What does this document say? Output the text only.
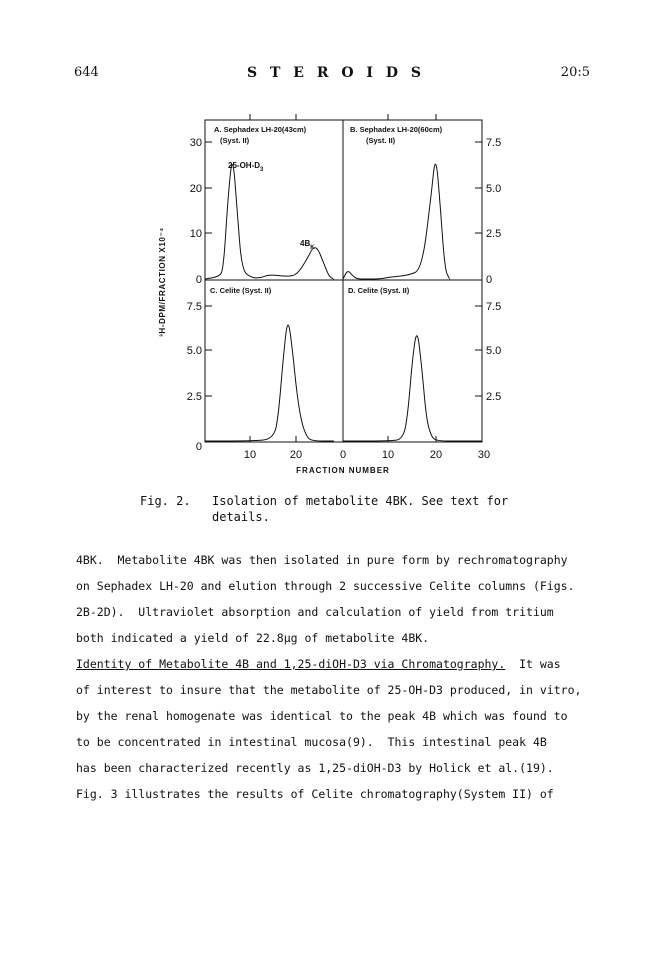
644	S T E R O I D S	20:5
30
20
10
0
7.5
5.0
2.5
0
7.5
5.0
2.5
0
7.5
5.0
2.5
10	20	0	10	20	30
FRACTION NUMBER
³H-DPM/FRACTION X10⁻⁴
A. Sephadex LH-20(43cm)
(Syst. II)
B. Sephadex LH-20(60cm)
(Syst. II)
C. Celite (Syst. II)	D. Celite (Syst. II)
$25-OH-D_3$
$4B_K$
Fig. 2. Isolation of metabolite 4BK. See text for
details.
4BK.  Metabolite 4BK was then isolated in pure form by rechromatography
on Sephadex LH-20 and elution through 2 successive Celite columns (Figs.
2B-2D).  Ultraviolet absorption and calculation of yield from tritium
both indicated a yield of 22.8µg of metabolite 4BK.
Identity of Metabolite 4B and 1,25-diOH-D3 via Chromatography.  It was
of interest to insure that the metabolite of 25-OH-D3 produced, in vitro,
by the renal homogenate was identical to the peak 4B which was found to
to be concentrated in intestinal mucosa(9).  This intestinal peak 4B
has been characterized recently as 1,25-diOH-D3 by Holick et al.(19).
Fig. 3 illustrates the results of Celite chromatography(System II) of
